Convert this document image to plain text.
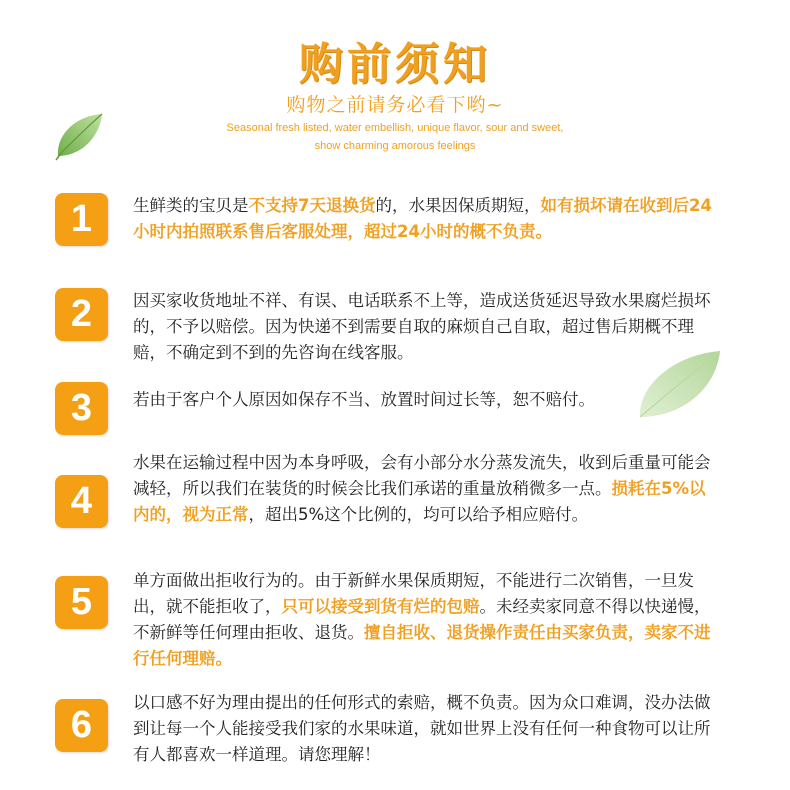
购前须知
购物之前请务必看下哟~
Seasonal fresh listed, water embellish, unique flavor, sour and sweet,
show charming amorous feelings
1	生鲜类的宝贝是不支持7天退换货的，水果因保质期短，如有损坏请在收到后24小时内拍照联系售后客服处理，超过24小时的概不负责。
2	因买家收货地址不祥、有误、电话联系不上等，造成送货延迟导致水果腐烂损坏的，不予以赔偿。因为快递不到需要自取的麻烦自己自取，超过售后期概不理赔，不确定到不到的先咨询在线客服。
3	若由于客户个人原因如保存不当、放置时间过长等，恕不赔付。
4
水果在运输过程中因为本身呼吸，会有小部分水分蒸发流失，收到后重量可能会减轻，所以我们在装货的时候会比我们承诺的重量放稍微多一点。损耗在5%以内的，视为正常，超出5%这个比例的，均可以给予相应赔付。
5
单方面做出拒收行为的。由于新鲜水果保质期短，不能进行二次销售，一旦发出，就不能拒收了，只可以接受到货有烂的包赔。未经卖家同意不得以快递慢，不新鲜等任何理由拒收、退货。擅自拒收、退货操作责任由买家负责，卖家不进行任何理赔。
6
以口感不好为理由提出的任何形式的索赔，概不负责。因为众口难调，没办法做到让每一个人能接受我们家的水果味道，就如世界上没有任何一种食物可以让所有人都喜欢一样道理。请您理解！
